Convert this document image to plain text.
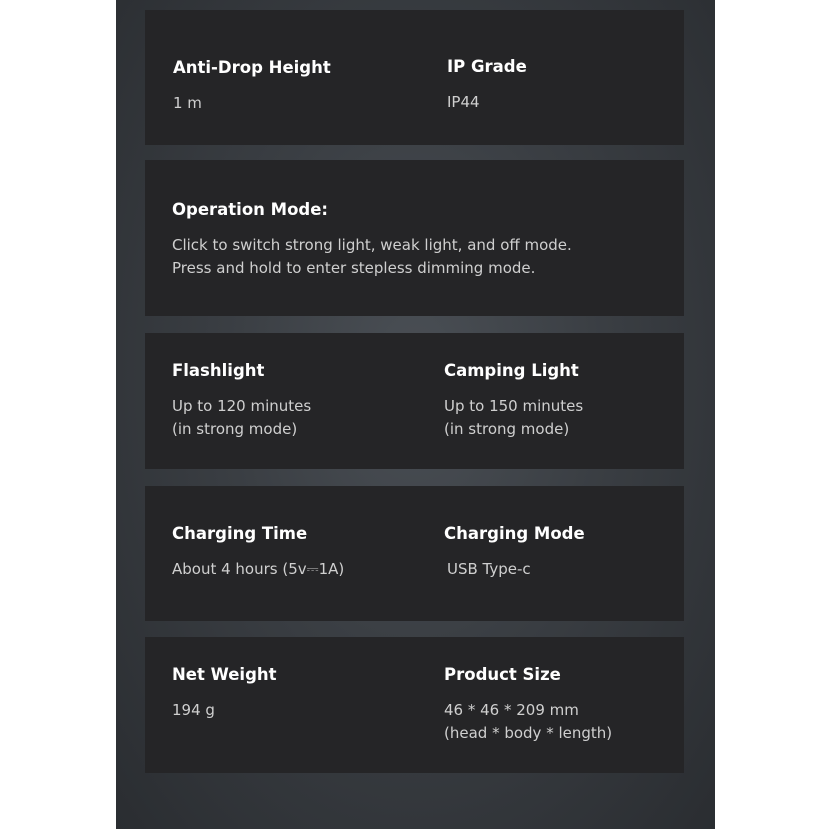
Anti-Drop Height
1 m
IP Grade
IP44
Operation Mode:
Click to switch strong light, weak light, and off mode.
Press and hold to enter stepless dimming mode.
Flashlight
Up to 120 minutes
(in strong mode)
Camping Light
Up to 150 minutes
(in strong mode)
Charging Time
About 4 hours (5v⎓1A)
Charging Mode
USB Type-c
Net Weight
194 g
Product Size
46 * 46 * 209 mm
(head * body * length)
